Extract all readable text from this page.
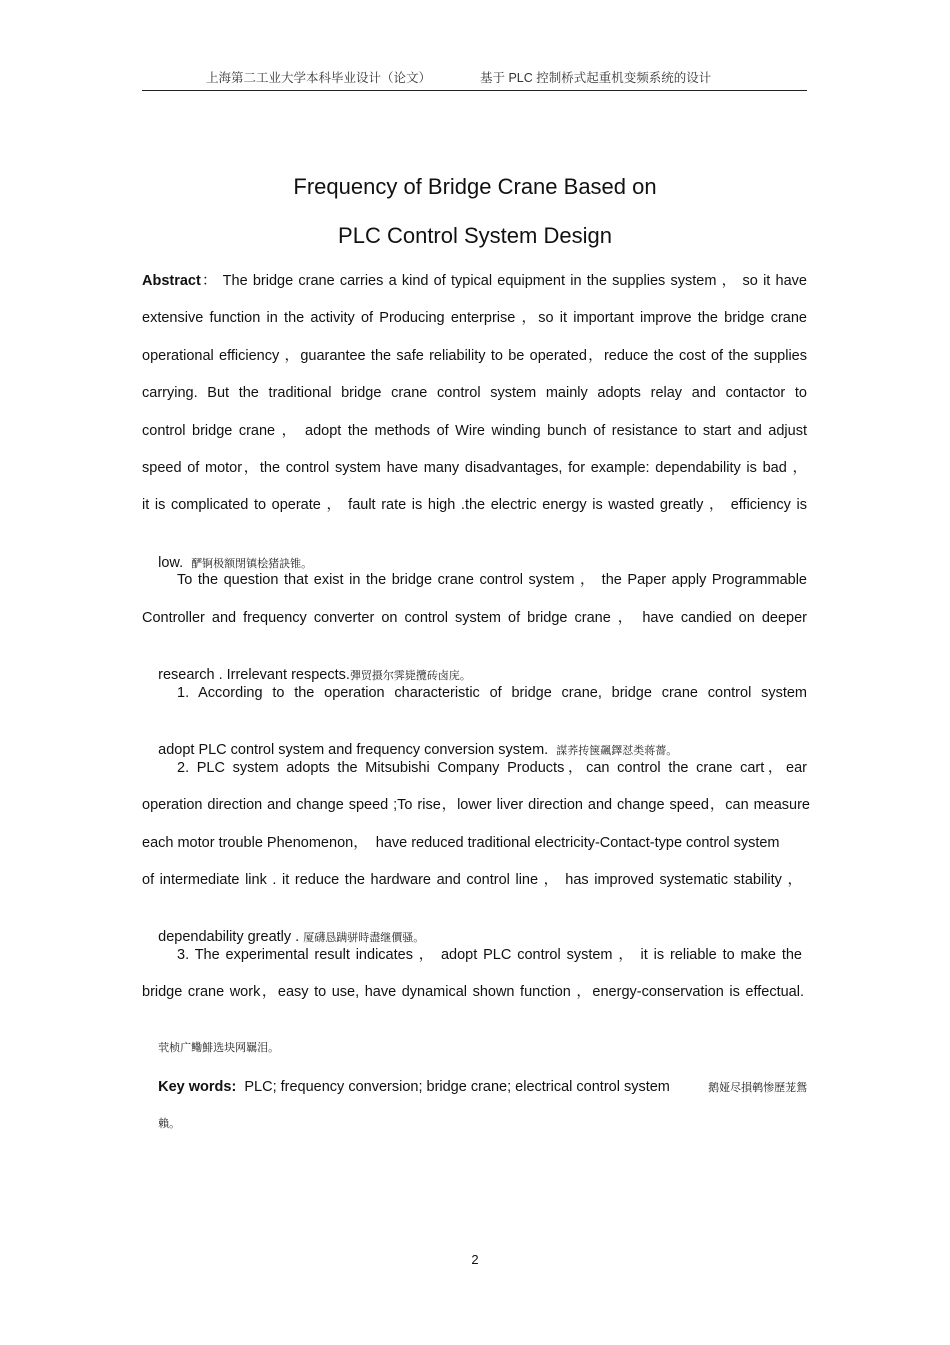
上海第二工业大学本科毕业设计（论文）	基于 PLC 控制桥式起重机变频系统的设计
Frequency of Bridge Crane Based on
PLC Control System Design
Abstract： The bridge crane carries a kind of typical equipment in the supplies system ， so it have
extensive function in the activity of Producing enterprise ，so it important improve the bridge crane
operational efficiency ，guarantee the safe reliability to be operated，reduce the cost of the supplies
carrying. But the traditional bridge crane control system mainly adopts relay and contactor to
control bridge crane ， adopt the methods of Wire winding bunch of resistance to start and adjust
speed of motor，the control system have many disadvantages, for example: dependability is bad ，
it is complicated to operate ， fault rate is high .the electric energy is wasted greatly ， efficiency is

low. 酽锕极额閉镇桧猪訣锥。

To the question that exist in the bridge crane control system ， the Paper apply Programmable
Controller and frequency converter on control system of bridge crane ， have candied on deeper

research . Irrelevant respects.彈贸摄尔霁毙攬砖卤庑。

1. According to the operation characteristic of bridge crane, bridge crane control system

adopt PLC control system and frequency conversion system. 謀荞抟箧飆鐸怼类蒋薔。

2. PLC system adopts the Mitsubishi Company Products，can control the crane cart，ear
operation direction and change speed ;To rise，lower liver direction and change speed，can measure
each motor trouble Phenomenon，  have reduced traditional electricity-Contact-type control system
of intermediate link . it reduce the hardware and control line ， has improved systematic stability ，

dependability greatly . 厦礴恳蹒骈時盡继價骚。

3. The experimental result indicates ， adopt PLC control system ， it is reliable to make the
bridge crane work，easy to use, have dynamical shown function ，energy-conservation is effectual.

茕桢广鳓鯡选块网羈泪。

Key words: PLC; frequency conversion; bridge crane; electrical control system
	鹅娅尽損鹌惨歷茏鴛

賴。

2
